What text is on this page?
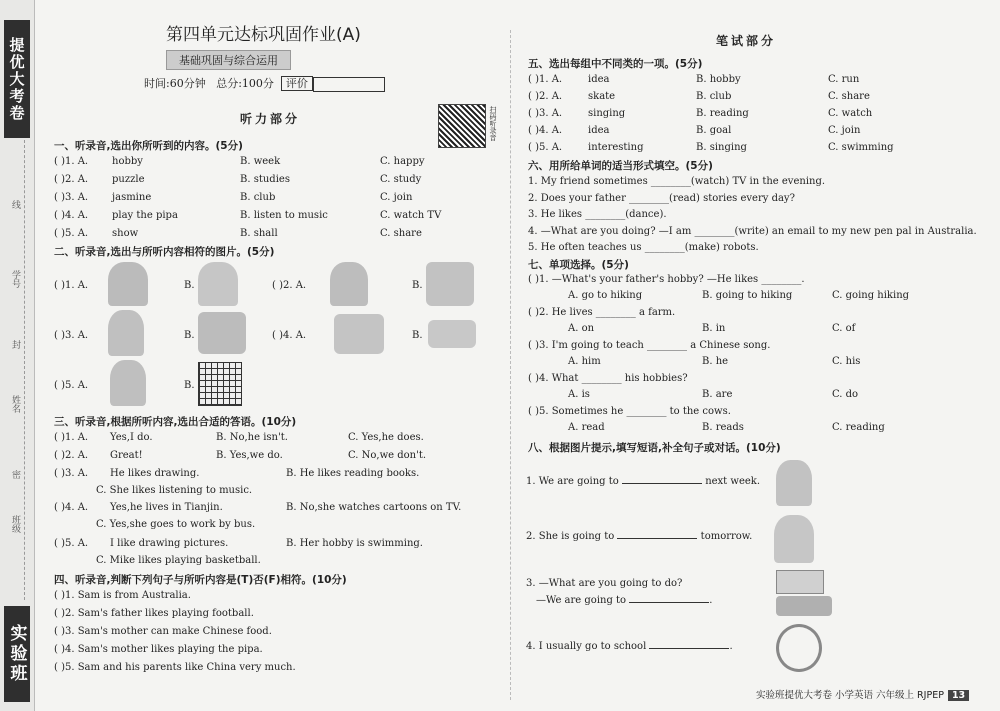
提优大考卷
线
学号
封
姓名
密
班级
实验班
第四单元达标巩固作业(A)
基础巩固与综合运用
时间:60分钟 总分:100分 评价
听力部分	扫码听录音
一、听录音,选出你所听到的内容。(5分)
二、听录音,选出与所听内容相符的图片。(5分)
( )1. A.	B.	( )2. A.	B.
( )3. A.	B.	( )4. A.	B.
( )5. A.	B.
三、听录音,根据所听内容,选出合适的答语。(10分)
四、听录音,判断下列句子与所听内容是(T)否(F)相符。(10分)
( )1. A. hobby	B. week	C. happy
( )2. A. puzzle	B. studies	C. study
( )3. A. jasmine	B. club	C. join
( )4. A. play the pipa	B. listen to music	C. watch TV
( )5. A. show	B. shall	C. share
( )1. A. Yes,I do.	B. No,he isn't.	C. Yes,he does.
( )2. A. Great!	B. Yes,we do.	C. No,we don't.
( )3. A. He likes drawing.	B. He likes reading books.
C. She likes listening to music.
( )4. A. Yes,he lives in Tianjin.	B. No,she watches cartoons on TV.
C. Yes,she goes to work by bus.
( )5. A. I like drawing pictures.	B. Her hobby is swimming.
C. Mike likes playing basketball.
( )1. Sam is from Australia.
( )2. Sam's father likes playing football.
( )3. Sam's mother can make Chinese food.
( )4. Sam's mother likes playing the pipa.
( )5. Sam and his parents like China very much.
笔试部分
五、选出每组中不同类的一项。(5分)
六、用所给单词的适当形式填空。(5分)
七、单项选择。(5分)
八、根据图片提示,填写短语,补全句子或对话。(10分)
1. We are going to	next week.
2. She is going to	tomorrow.
3. —What are you going to do?
—We are going to	.
4. I usually go to school	.
实验班提优大考卷 小学英语 六年级上 RJPEP 13
( )1. A.	idea	B. hobby	C. run
( )2. A.	skate	B. club	C. share
( )3. A.	singing	B. reading	C. watch
( )4. A.	idea	B. goal	C. join
( )5. A.	interesting	B. singing	C. swimming
1. My friend sometimes ________(watch) TV in the evening.
2. Does your father ________(read) stories every day?
3. He likes ________(dance).
4. —What are you doing? —I am ________(write) an email to my new pen pal in Australia.
5. He often teaches us ________(make) robots.
( )1. —What's your father's hobby? —He likes ________.
A. go to hiking	B. going to hiking	C. going hiking
( )2. He lives ________ a farm.
A. on	B. in	C. of
( )3. I'm going to teach ________ a Chinese song.
A. him	B. he	C. his
( )4. What ________ his hobbies?
A. is	B. are	C. do
( )5. Sometimes he ________ to the cows.
A. read	B. reads	C. reading
